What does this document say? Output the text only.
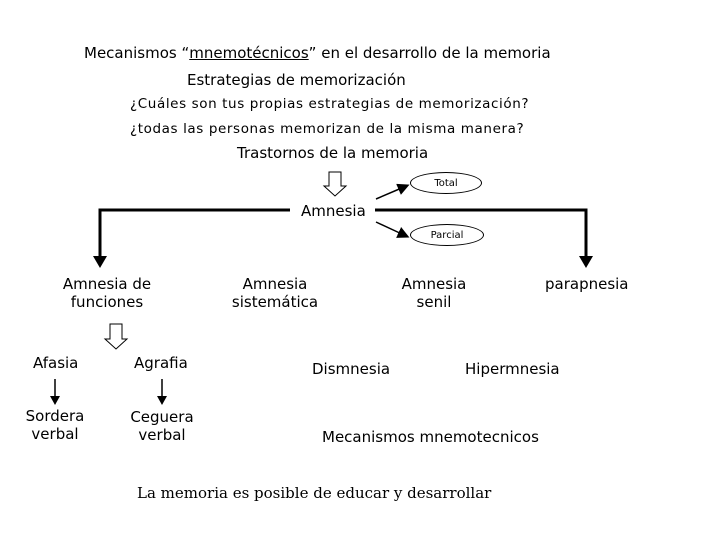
Mecanismos “mnemotécnicos” en el desarrollo de la memoria
Estrategias de memorización
¿Cuáles son tus propias estrategias de memorización?
¿todas las personas memorizan de la misma manera?
Trastornos de la memoria
Total
Amnesia
Parcial
Amnesia de funciones
Amnesia sistemática
Amnesia senil
parapnesia
Afasia	Agrafia
Sordera verbal
Ceguera verbal
Dismnesia	Hipermnesia
Mecanismos mnemotecnicos
La memoria es posible de educar y desarrollar
